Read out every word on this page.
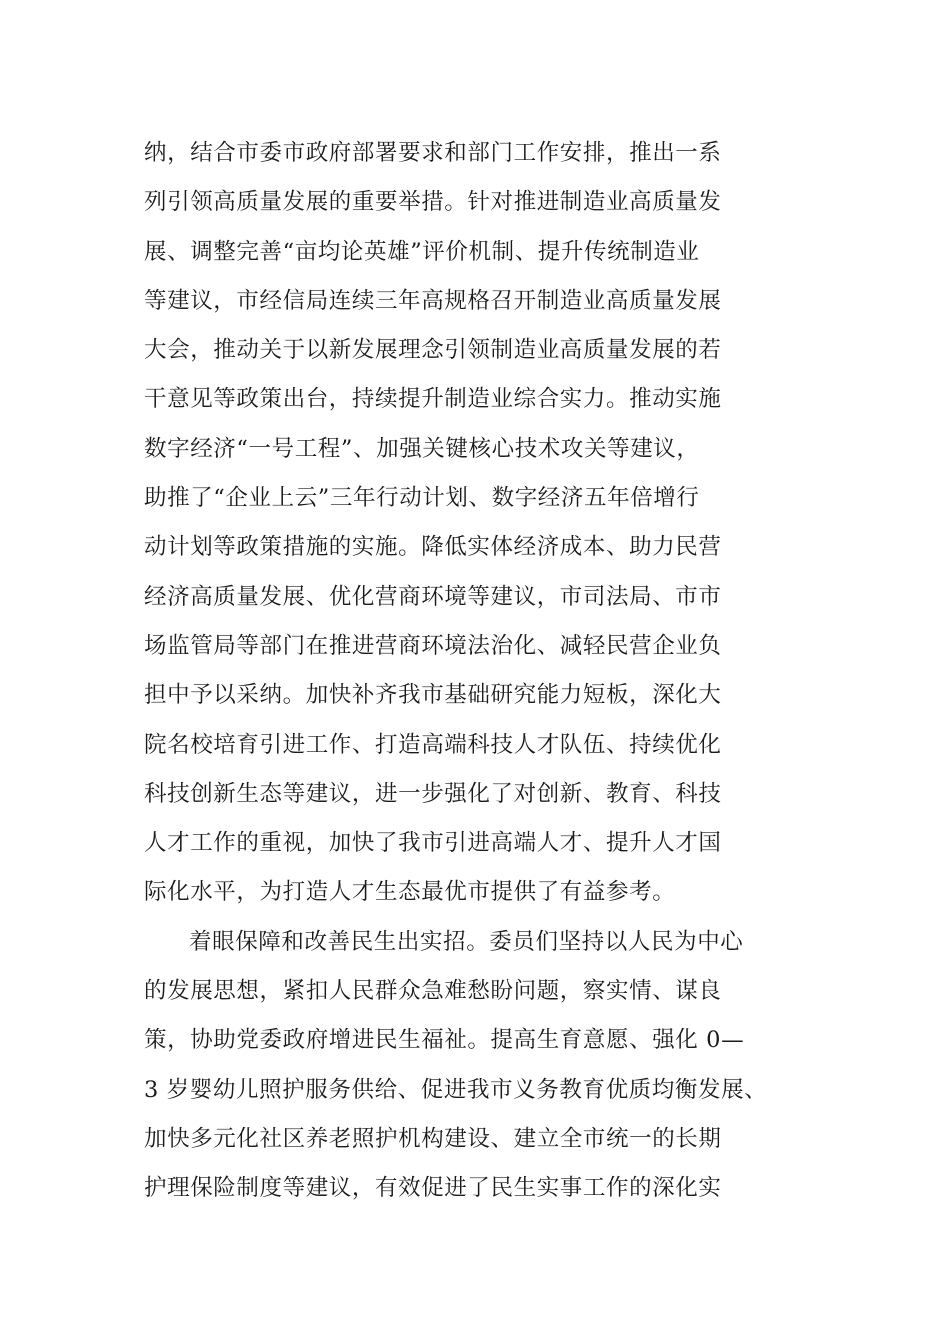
纳，结合市委市政府部署要求和部门工作安排，推出一系
列引领高质量发展的重要举措。针对推进制造业高质量发
展、调整完善“亩均论英雄”评价机制、提升传统制造业
等建议，市经信局连续三年高规格召开制造业高质量发展
大会，推动关于以新发展理念引领制造业高质量发展的若
干意见等政策出台，持续提升制造业综合实力。推动实施
数字经济“一号工程”、加强关键核心技术攻关等建议，
助推了“企业上云”三年行动计划、数字经济五年倍增行
动计划等政策措施的实施。降低实体经济成本、助力民营
经济高质量发展、优化营商环境等建议，市司法局、市市
场监管局等部门在推进营商环境法治化、减轻民营企业负
担中予以采纳。加快补齐我市基础研究能力短板，深化大
院名校培育引进工作、打造高端科技人才队伍、持续优化
科技创新生态等建议，进一步强化了对创新、教育、科技
人才工作的重视，加快了我市引进高端人才、提升人才国
际化水平，为打造人才生态最优市提供了有益参考。
着眼保障和改善民生出实招。委员们坚持以人民为中心
的发展思想，紧扣人民群众急难愁盼问题，察实情、谋良
策，协助党委政府增进民生福祉。提高生育意愿、强化 0—
3 岁婴幼儿照护服务供给、促进我市义务教育优质均衡发展、
加快多元化社区养老照护机构建设、建立全市统一的长期
护理保险制度等建议，有效促进了民生实事工作的深化实
